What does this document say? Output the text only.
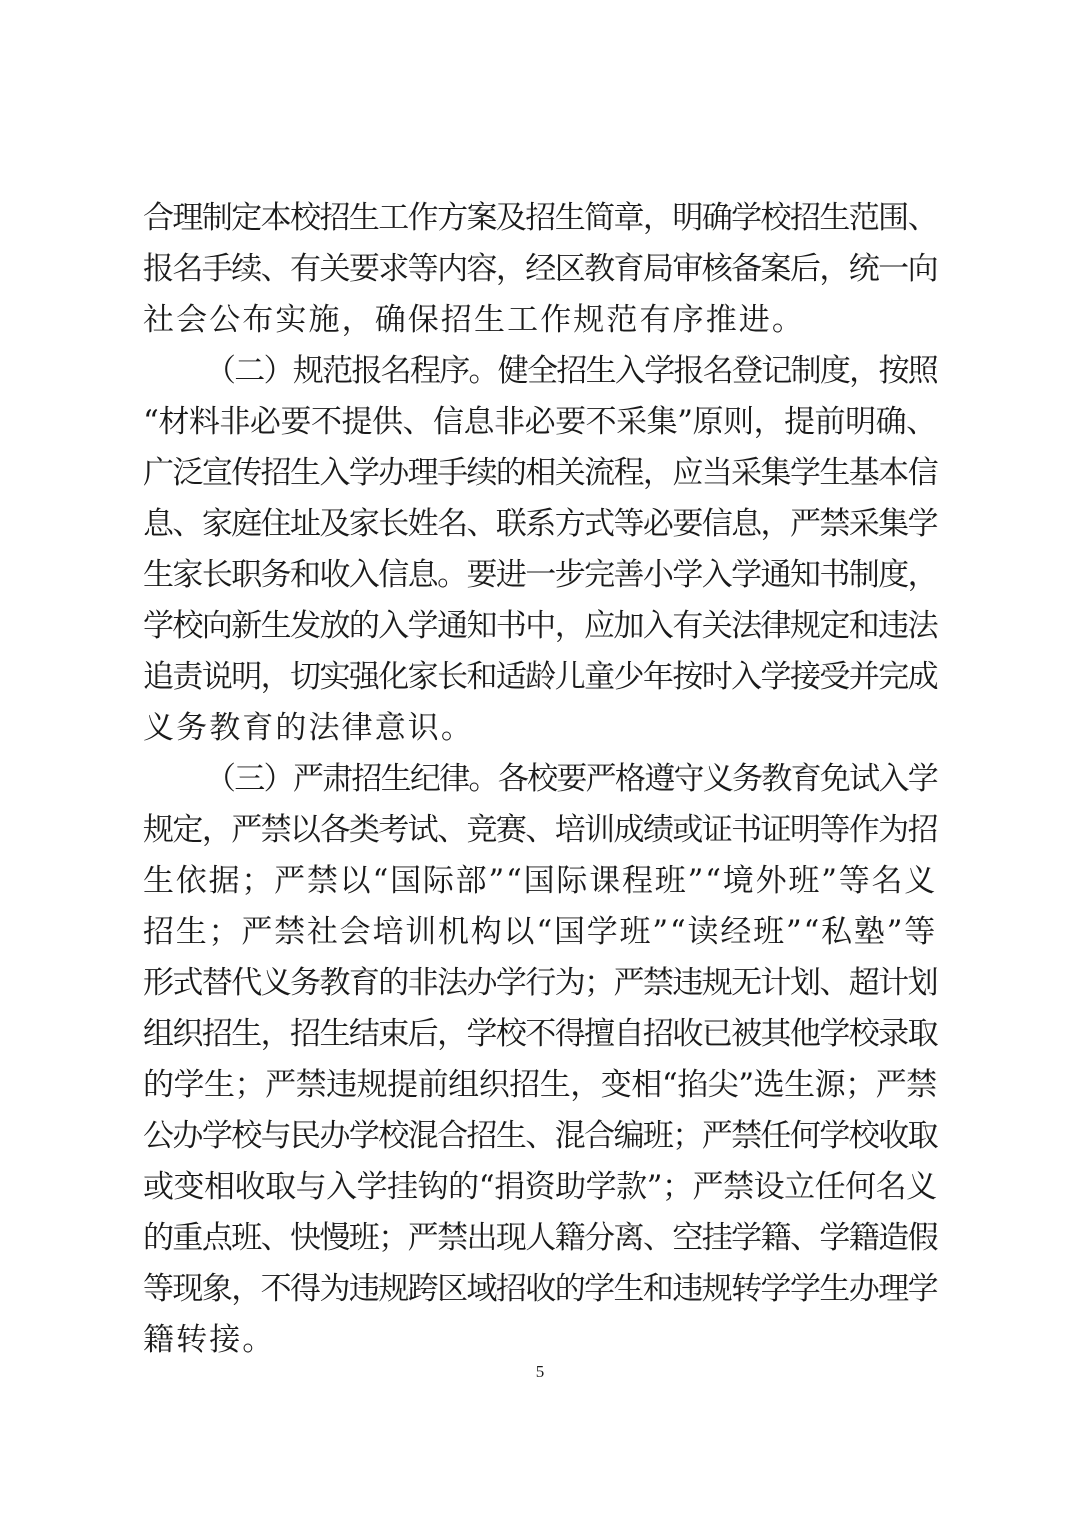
合理制定本校招生工作方案及招生简章，明确学校招生范围、
报名手续、有关要求等内容，经区教育局审核备案后，统一向
社会公布实施，确保招生工作规范有序推进。
（二）规范报名程序。健全招生入学报名登记制度，按照
“材料非必要不提供、信息非必要不采集”原则，提前明确、
广泛宣传招生入学办理手续的相关流程，应当采集学生基本信
息、家庭住址及家长姓名、联系方式等必要信息，严禁采集学
生家长职务和收入信息。要进一步完善小学入学通知书制度，
学校向新生发放的入学通知书中，应加入有关法律规定和违法
追责说明，切实强化家长和适龄儿童少年按时入学接受并完成
义务教育的法律意识。
（三）严肃招生纪律。各校要严格遵守义务教育免试入学
规定，严禁以各类考试、竞赛、培训成绩或证书证明等作为招
生依据；严禁以“国际部”“国际课程班”“境外班”等名义
招生；严禁社会培训机构以“国学班”“读经班”“私塾”等
形式替代义务教育的非法办学行为；严禁违规无计划、超计划
组织招生，招生结束后，学校不得擅自招收已被其他学校录取
的学生；严禁违规提前组织招生，变相“掐尖”选生源；严禁
公办学校与民办学校混合招生、混合编班；严禁任何学校收取
或变相收取与入学挂钩的“捐资助学款”；严禁设立任何名义
的重点班、快慢班；严禁出现人籍分离、空挂学籍、学籍造假
等现象，不得为违规跨区域招收的学生和违规转学学生办理学
籍转接。
5
